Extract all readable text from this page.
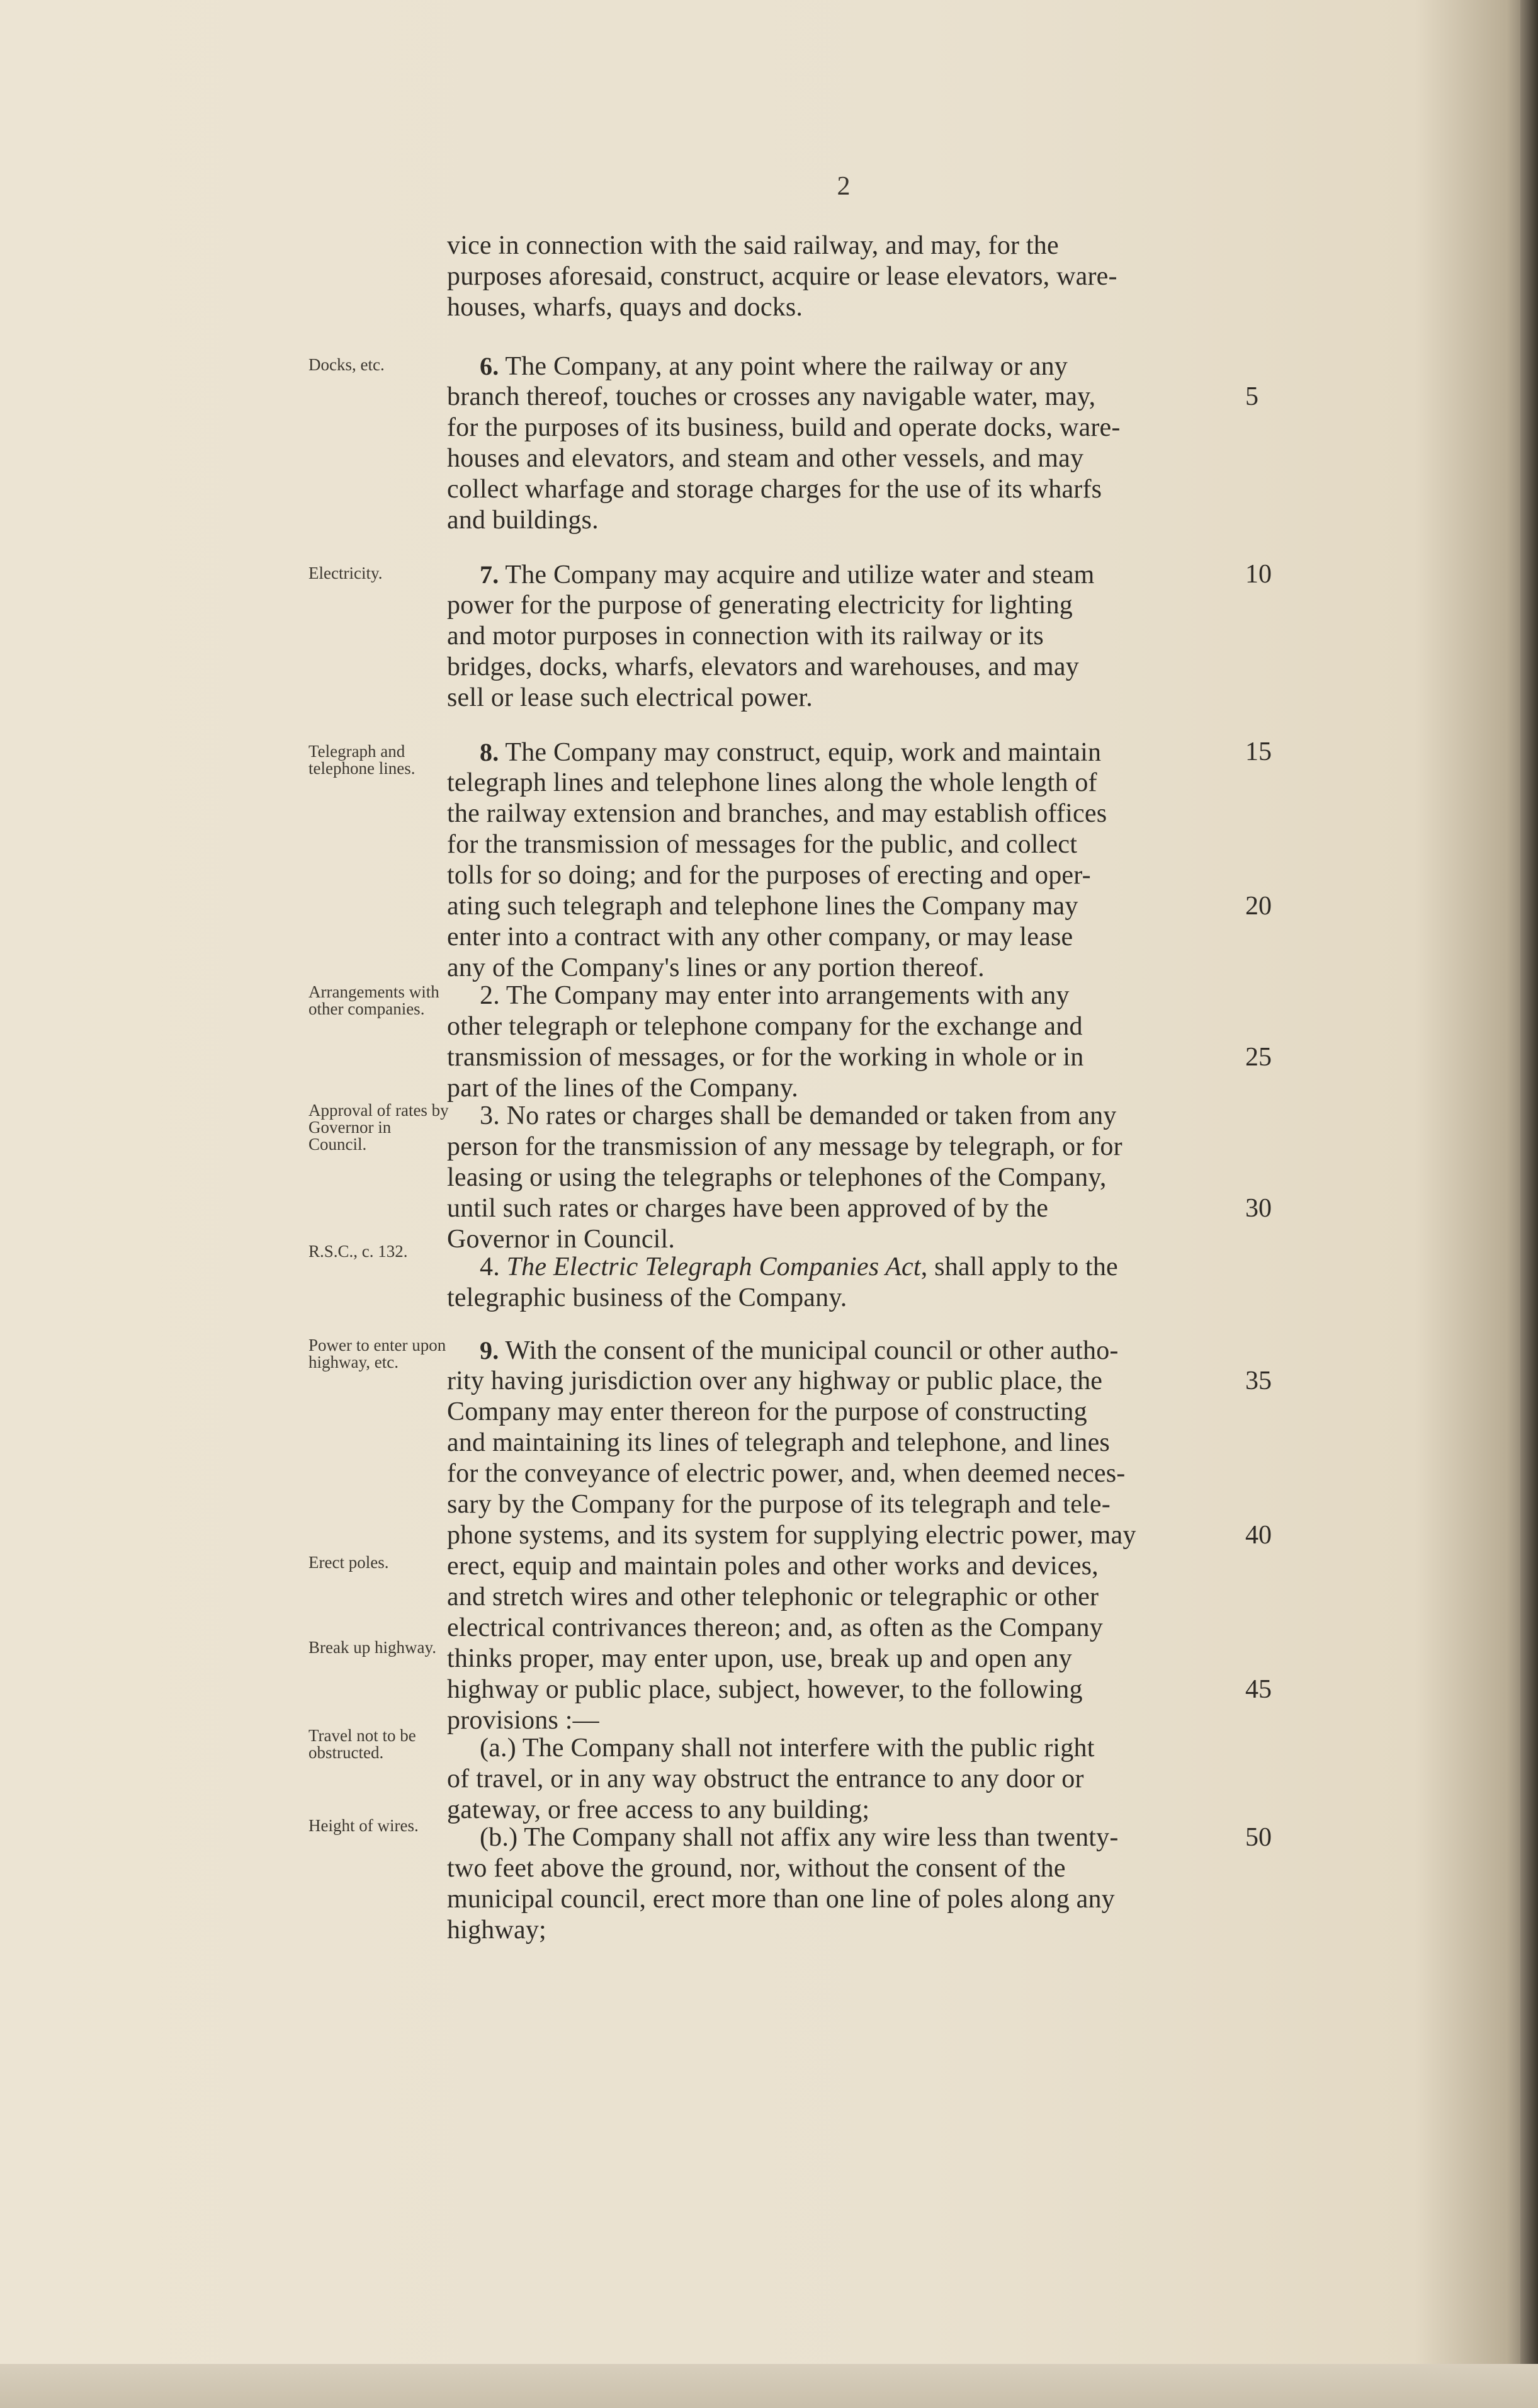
2
vice in connection with the said railway, and may, for the
purposes aforesaid, construct, acquire or lease elevators, ware-
houses, wharfs, quays and docks.
6. The Company, at any point where the railway or any
branch thereof, touches or crosses any navigable water, may,
for the purposes of its business, build and operate docks, ware-
houses and elevators, and steam and other vessels, and may
collect wharfage and storage charges for the use of its wharfs
and buildings.
7. The Company may acquire and utilize water and steam
power for the purpose of generating electricity for lighting
and motor purposes in connection with its railway or its
bridges, docks, wharfs, elevators and warehouses, and may
sell or lease such electrical power.
8. The Company may construct, equip, work and maintain
telegraph lines and telephone lines along the whole length of
the railway extension and branches, and may establish offices
for the transmission of messages for the public, and collect
tolls for so doing; and for the purposes of erecting and oper-
ating such telegraph and telephone lines the Company may
enter into a contract with any other company, or may lease
any of the Company's lines or any portion thereof.
2. The Company may enter into arrangements with any
other telegraph or telephone company for the exchange and
transmission of messages, or for the working in whole or in
part of the lines of the Company.
3. No rates or charges shall be demanded or taken from any
person for the transmission of any message by telegraph, or for
leasing or using the telegraphs or telephones of the Company,
until such rates or charges have been approved of by the
Governor in Council.
4. The Electric Telegraph Companies Act, shall apply to the
telegraphic business of the Company.
9. With the consent of the municipal council or other autho-
rity having jurisdiction over any highway or public place, the
Company may enter thereon for the purpose of constructing
and maintaining its lines of telegraph and telephone, and lines
for the conveyance of electric power, and, when deemed neces-
sary by the Company for the purpose of its telegraph and tele-
phone systems, and its system for supplying electric power, may
erect, equip and maintain poles and other works and devices,
and stretch wires and other telephonic or telegraphic or other
electrical contrivances thereon; and, as often as the Company
thinks proper, may enter upon, use, break up and open any
highway or public place, subject, however, to the following
provisions :—
(a.) The Company shall not interfere with the public right
of travel, or in any way obstruct the entrance to any door or
gateway, or free access to any building;
(b.) The Company shall not affix any wire less than twenty-
two feet above the ground, nor, without the consent of the
municipal council, erect more than one line of poles along any
highway;
Docks, etc.
Electricity.
Telegraph and telephone lines.
Arrangements with other companies.
Approval of rates by Governor in Council.
R.S.C., c. 132.
Power to enter upon highway, etc.
Erect poles.
Break up highway.
Travel not to be obstructed.
Height of wires.
5
10
15
20
25
30
35
40
45
50
